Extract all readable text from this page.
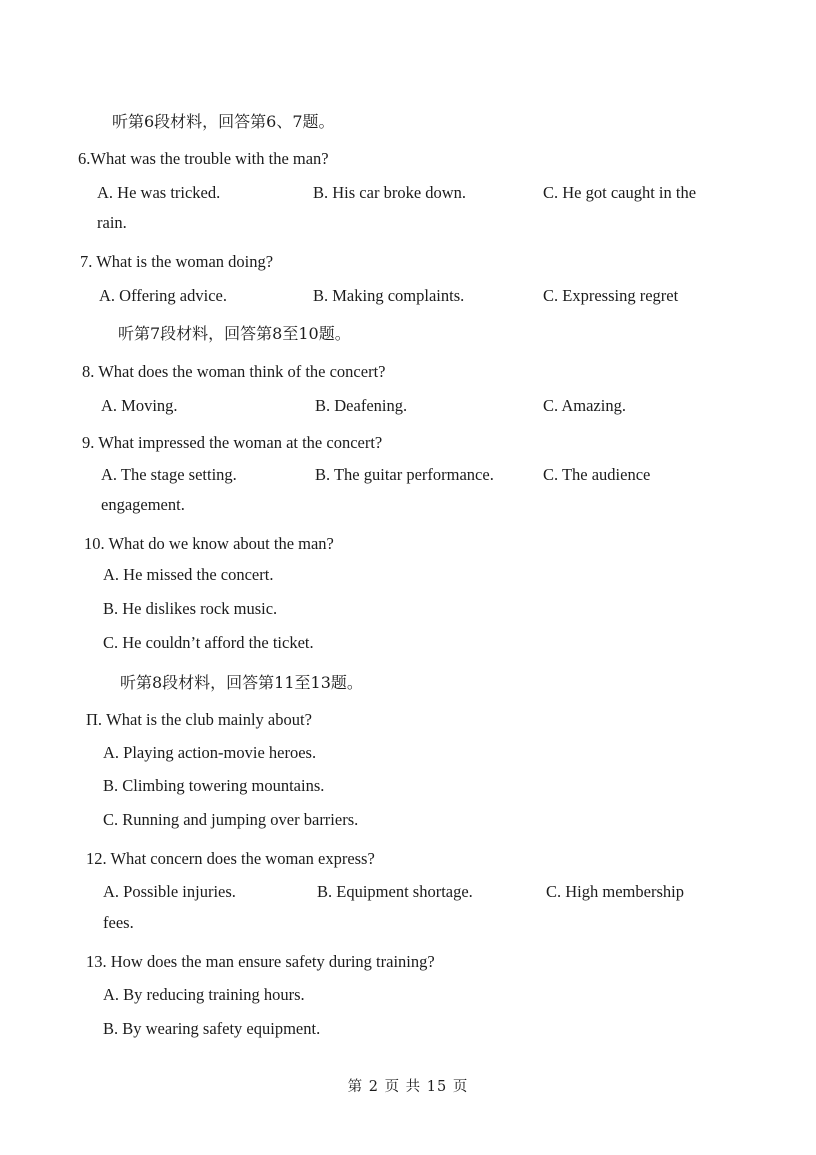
听第6段材料，回答第6、7题。
6.What was the trouble with the man?
A. He was tricked.	B. His car broke down.	C. He got caught in the
rain.
7. What is the woman doing?
A. Offering advice.	B. Making complaints.	C. Expressing regret
听第7段材料，回答第8至10题。
8. What does the woman think of the concert?
A. Moving.	B. Deafening.	C. Amazing.
9. What impressed the woman at the concert?
A. The stage setting.	B. The guitar performance.	C. The audience
engagement.
10. What do we know about the man?
A. He missed the concert.
B. He dislikes rock music.
C. He couldn’t afford the ticket.
听第8段材料，回答第11至13题。
П. What is the club mainly about?
A. Playing action-movie heroes.
B. Climbing towering mountains.
C. Running and jumping over barriers.
12. What concern does the woman express?
A. Possible injuries.	B. Equipment shortage.	C. High membership
fees.
13. How does the man ensure safety during training?
A. By reducing training hours.
B. By wearing safety equipment.
第 2 页 共 15 页
